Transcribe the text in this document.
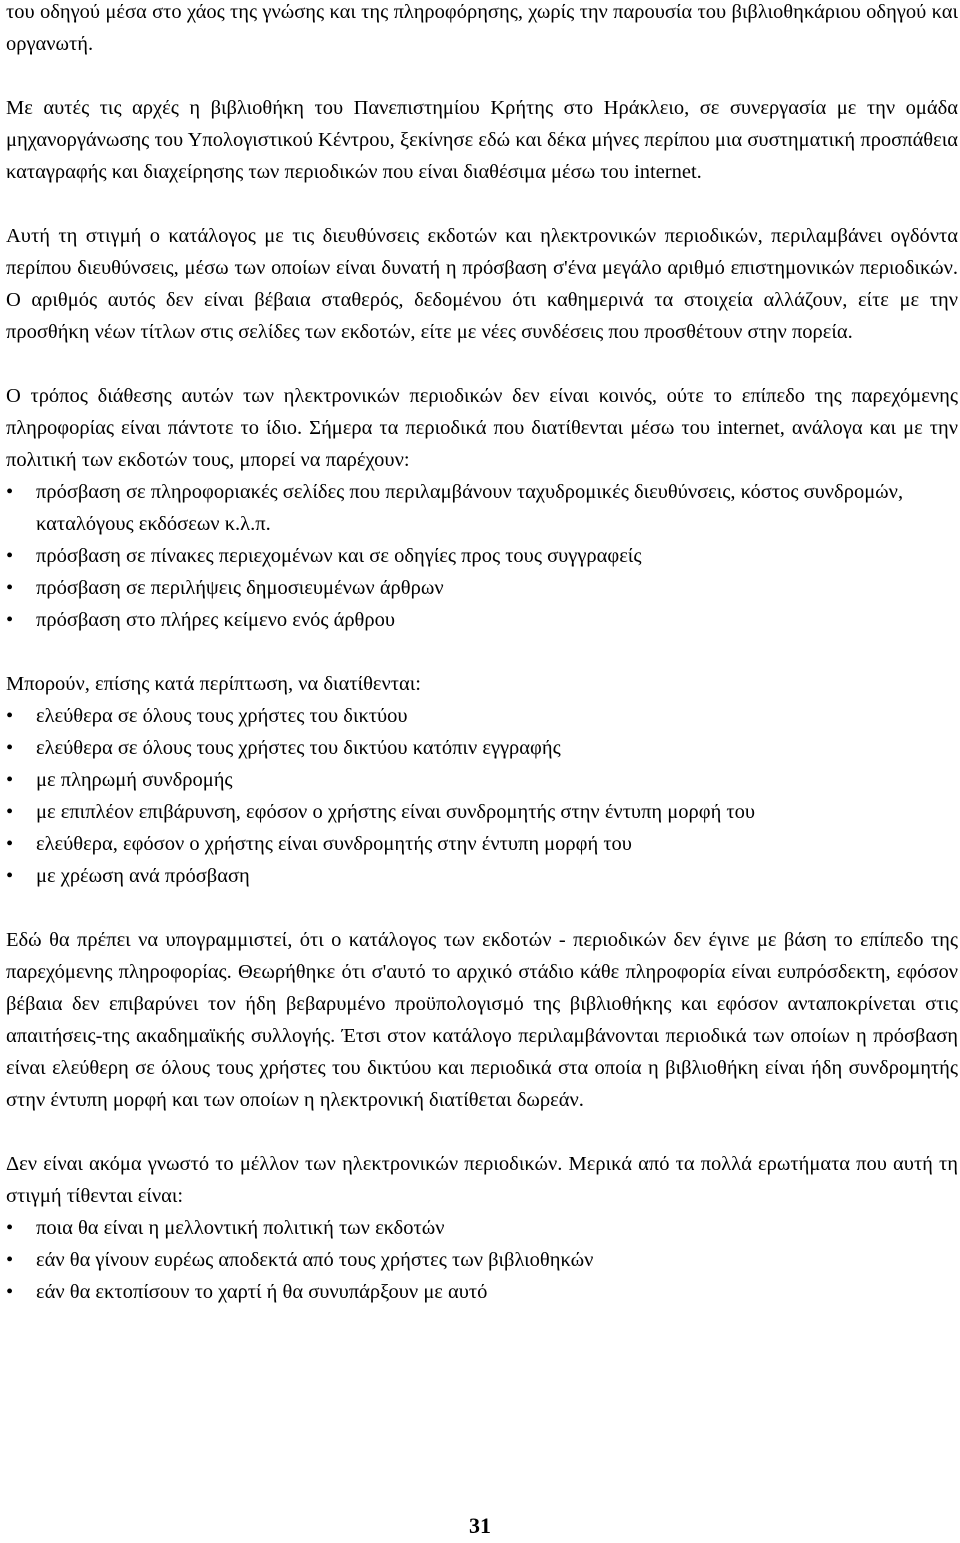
του οδηγού μέσα στο χάος της γνώσης και της πληροφόρησης, χωρίς την παρουσία του βιβλιοθηκάριου οδηγού και οργανωτή.

Με αυτές τις αρχές η βιβλιοθήκη του Πανεπιστημίου Κρήτης στο Ηράκλειο, σε συνεργασία με την ομάδα μηχανοργάνωσης του Υπολογιστικού Κέντρου, ξεκίνησε εδώ και δέκα μήνες περίπου μια συστηματική προσπάθεια καταγραφής και διαχείρησης των περιοδικών που είναι διαθέσιμα μέσω του internet.

Αυτή τη στιγμή ο κατάλογος με τις διευθύνσεις εκδοτών και ηλεκτρονικών περιοδικών, περιλαμβάνει ογδόντα περίπου διευθύνσεις, μέσω των οποίων είναι δυνατή η πρόσβαση σ'ένα μεγάλο αριθμό επιστημονικών περιοδικών. Ο αριθμός αυτός δεν είναι βέβαια σταθερός, δεδομένου ότι καθημερινά τα στοιχεία αλλάζουν, είτε με την προσθήκη νέων τίτλων στις σελίδες των εκδοτών, είτε με νέες συνδέσεις που προσθέτουν στην πορεία.

Ο τρόπος διάθεσης αυτών των ηλεκτρονικών περιοδικών δεν είναι κοινός, ούτε το επίπεδο της παρεχόμενης πληροφορίας είναι πάντοτε το ίδιο. Σήμερα τα περιοδικά που διατίθενται μέσω του internet, ανάλογα και με την πολιτική των εκδοτών τους, μπορεί να παρέχουν:

• πρόσβαση σε πληροφοριακές σελίδες που περιλαμβάνουν ταχυδρομικές διευθύνσεις, κόστος συνδρομών, καταλόγους εκδόσεων κ.λ.π.
• πρόσβαση σε πίνακες περιεχομένων και σε οδηγίες προς τους συγγραφείς
• πρόσβαση σε περιλήψεις δημοσιευμένων άρθρων
• πρόσβαση στο πλήρες κείμενο ενός άρθρου

Μπορούν, επίσης κατά περίπτωση, να διατίθενται:

• ελεύθερα σε όλους τους χρήστες του δικτύου
• ελεύθερα σε όλους τους χρήστες του δικτύου κατόπιν εγγραφής
• με πληρωμή συνδρομής
• με επιπλέον επιβάρυνση, εφόσον ο χρήστης είναι συνδρομητής στην έντυπη μορφή του
• ελεύθερα, εφόσον ο χρήστης είναι συνδρομητής στην έντυπη μορφή του
• με χρέωση ανά πρόσβαση

Εδώ θα πρέπει να υπογραμμιστεί, ότι ο κατάλογος των εκδοτών - περιοδικών δεν έγινε με βάση το επίπεδο της παρεχόμενης πληροφορίας. Θεωρήθηκε ότι σ'αυτό το αρχικό στάδιο κάθε πληροφορία είναι ευπρόσδεκτη, εφόσον βέβαια δεν επιβαρύνει τον ήδη βεβαρυμένο προϋπολογισμό της βιβλιοθήκης και εφόσον ανταποκρίνεται στις απαιτήσεις-της ακαδημαϊκής συλλογής. Έτσι στον κατάλογο περιλαμβάνονται περιοδικά των οποίων η πρόσβαση είναι ελεύθερη σε όλους τους χρήστες του δικτύου και περιοδικά στα οποία η βιβλιοθήκη είναι ήδη συνδρομητής στην έντυπη μορφή και των οποίων η ηλεκτρονική διατίθεται δωρεάν.

Δεν είναι ακόμα γνωστό το μέλλον των ηλεκτρονικών περιοδικών. Μερικά από τα πολλά ερωτήματα που αυτή τη στιγμή τίθενται είναι:

• ποια θα είναι η μελλοντική πολιτική των εκδοτών
• εάν θα γίνουν ευρέως αποδεκτά από τους χρήστες των βιβλιοθηκών
• εάν θα εκτοπίσουν το χαρτί ή θα συνυπάρξουν με αυτό
31
